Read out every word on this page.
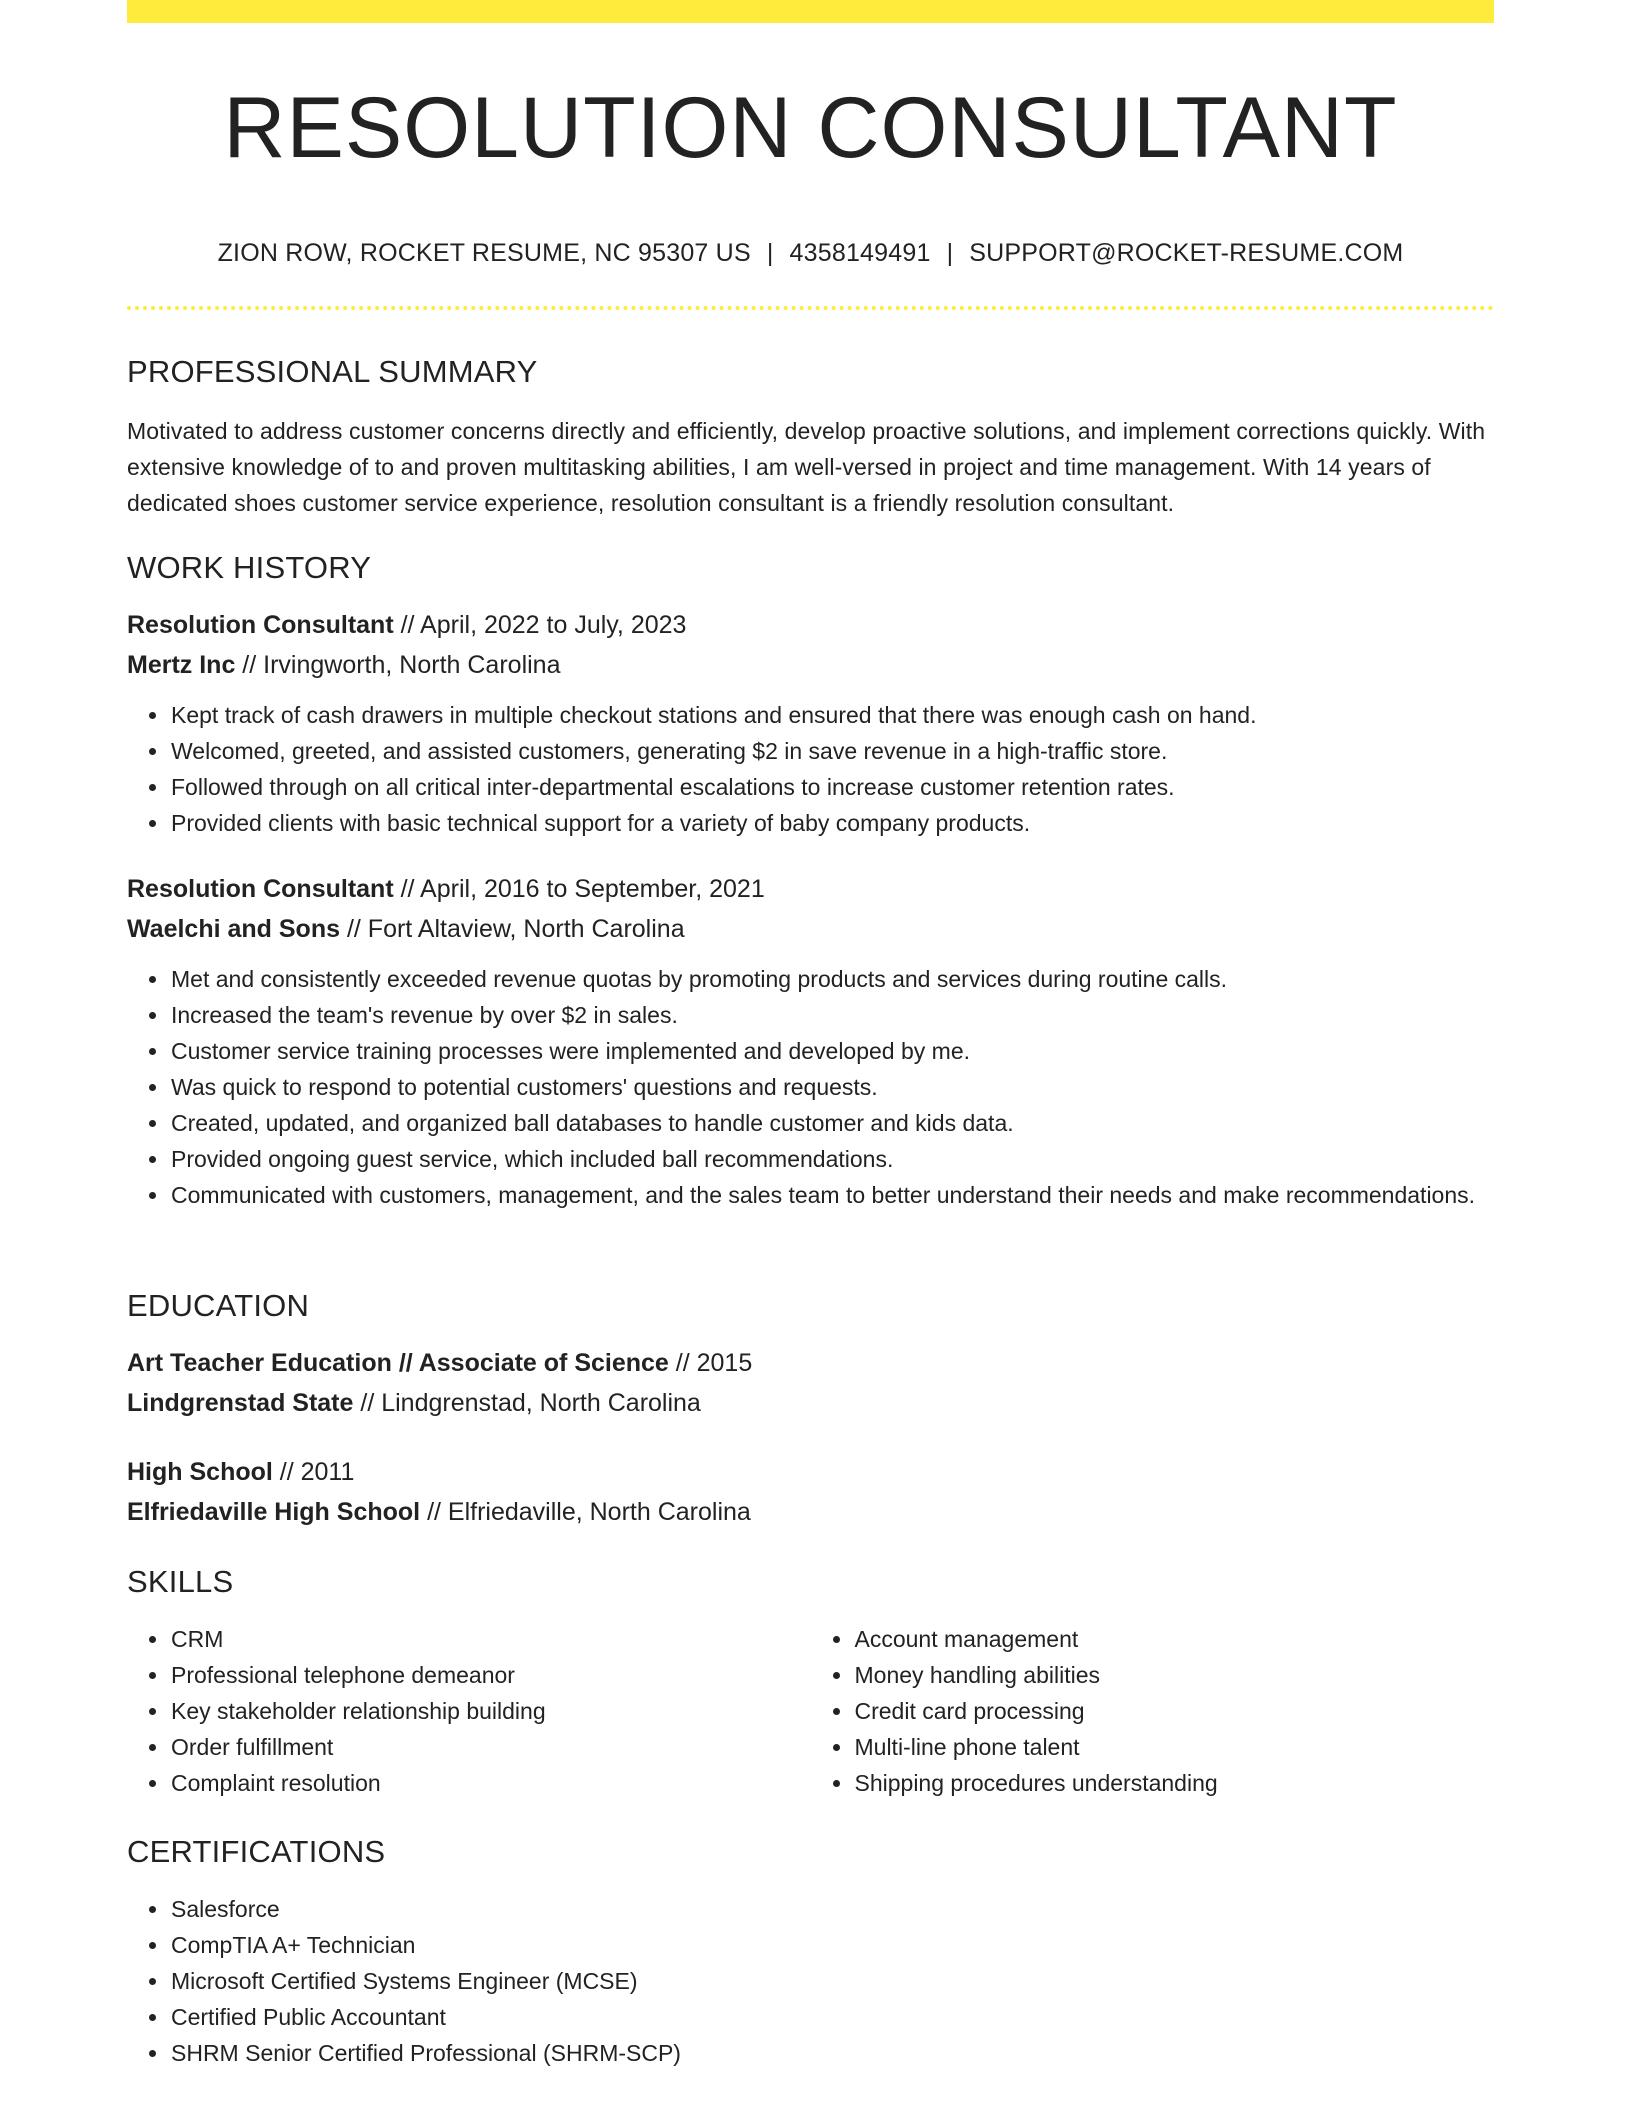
RESOLUTION CONSULTANT
ZION ROW, ROCKET RESUME, NC 95307 US | 4358149491 | SUPPORT@ROCKET-RESUME.COM
PROFESSIONAL SUMMARY

Motivated to address customer concerns directly and efficiently, develop proactive solutions, and implement corrections quickly. With extensive knowledge of to and proven multitasking abilities, I am well-versed in project and time management. With 14 years of dedicated shoes customer service experience, resolution consultant is a friendly resolution consultant.

WORK HISTORY
Resolution Consultant // April, 2022 to July, 2023
Mertz Inc // Irvingworth, North Carolina
• Kept track of cash drawers in multiple checkout stations and ensured that there was enough cash on hand.
• Welcomed, greeted, and assisted customers, generating $2 in save revenue in a high-traffic store.
• Followed through on all critical inter-departmental escalations to increase customer retention rates.
• Provided clients with basic technical support for a variety of baby company products.
Resolution Consultant // April, 2016 to September, 2021
Waelchi and Sons // Fort Altaview, North Carolina
• Met and consistently exceeded revenue quotas by promoting products and services during routine calls.
• Increased the team's revenue by over $2 in sales.
• Customer service training processes were implemented and developed by me.
• Was quick to respond to potential customers' questions and requests.
• Created, updated, and organized ball databases to handle customer and kids data.
• Provided ongoing guest service, which included ball recommendations.
• Communicated with customers, management, and the sales team to better understand their needs and make recommendations.
EDUCATION
Art Teacher Education // Associate of Science // 2015
Lindgrenstad State // Lindgrenstad, North Carolina
High School // 2011
Elfriedaville High School // Elfriedaville, North Carolina
SKILLS
• CRM
• Professional telephone demeanor
• Key stakeholder relationship building
• Order fulfillment
• Complaint resolution
• Account management
• Money handling abilities
• Credit card processing
• Multi-line phone talent
• Shipping procedures understanding
CERTIFICATIONS
• Salesforce
• CompTIA A+ Technician
• Microsoft Certified Systems Engineer (MCSE)
• Certified Public Accountant
• SHRM Senior Certified Professional (SHRM-SCP)
